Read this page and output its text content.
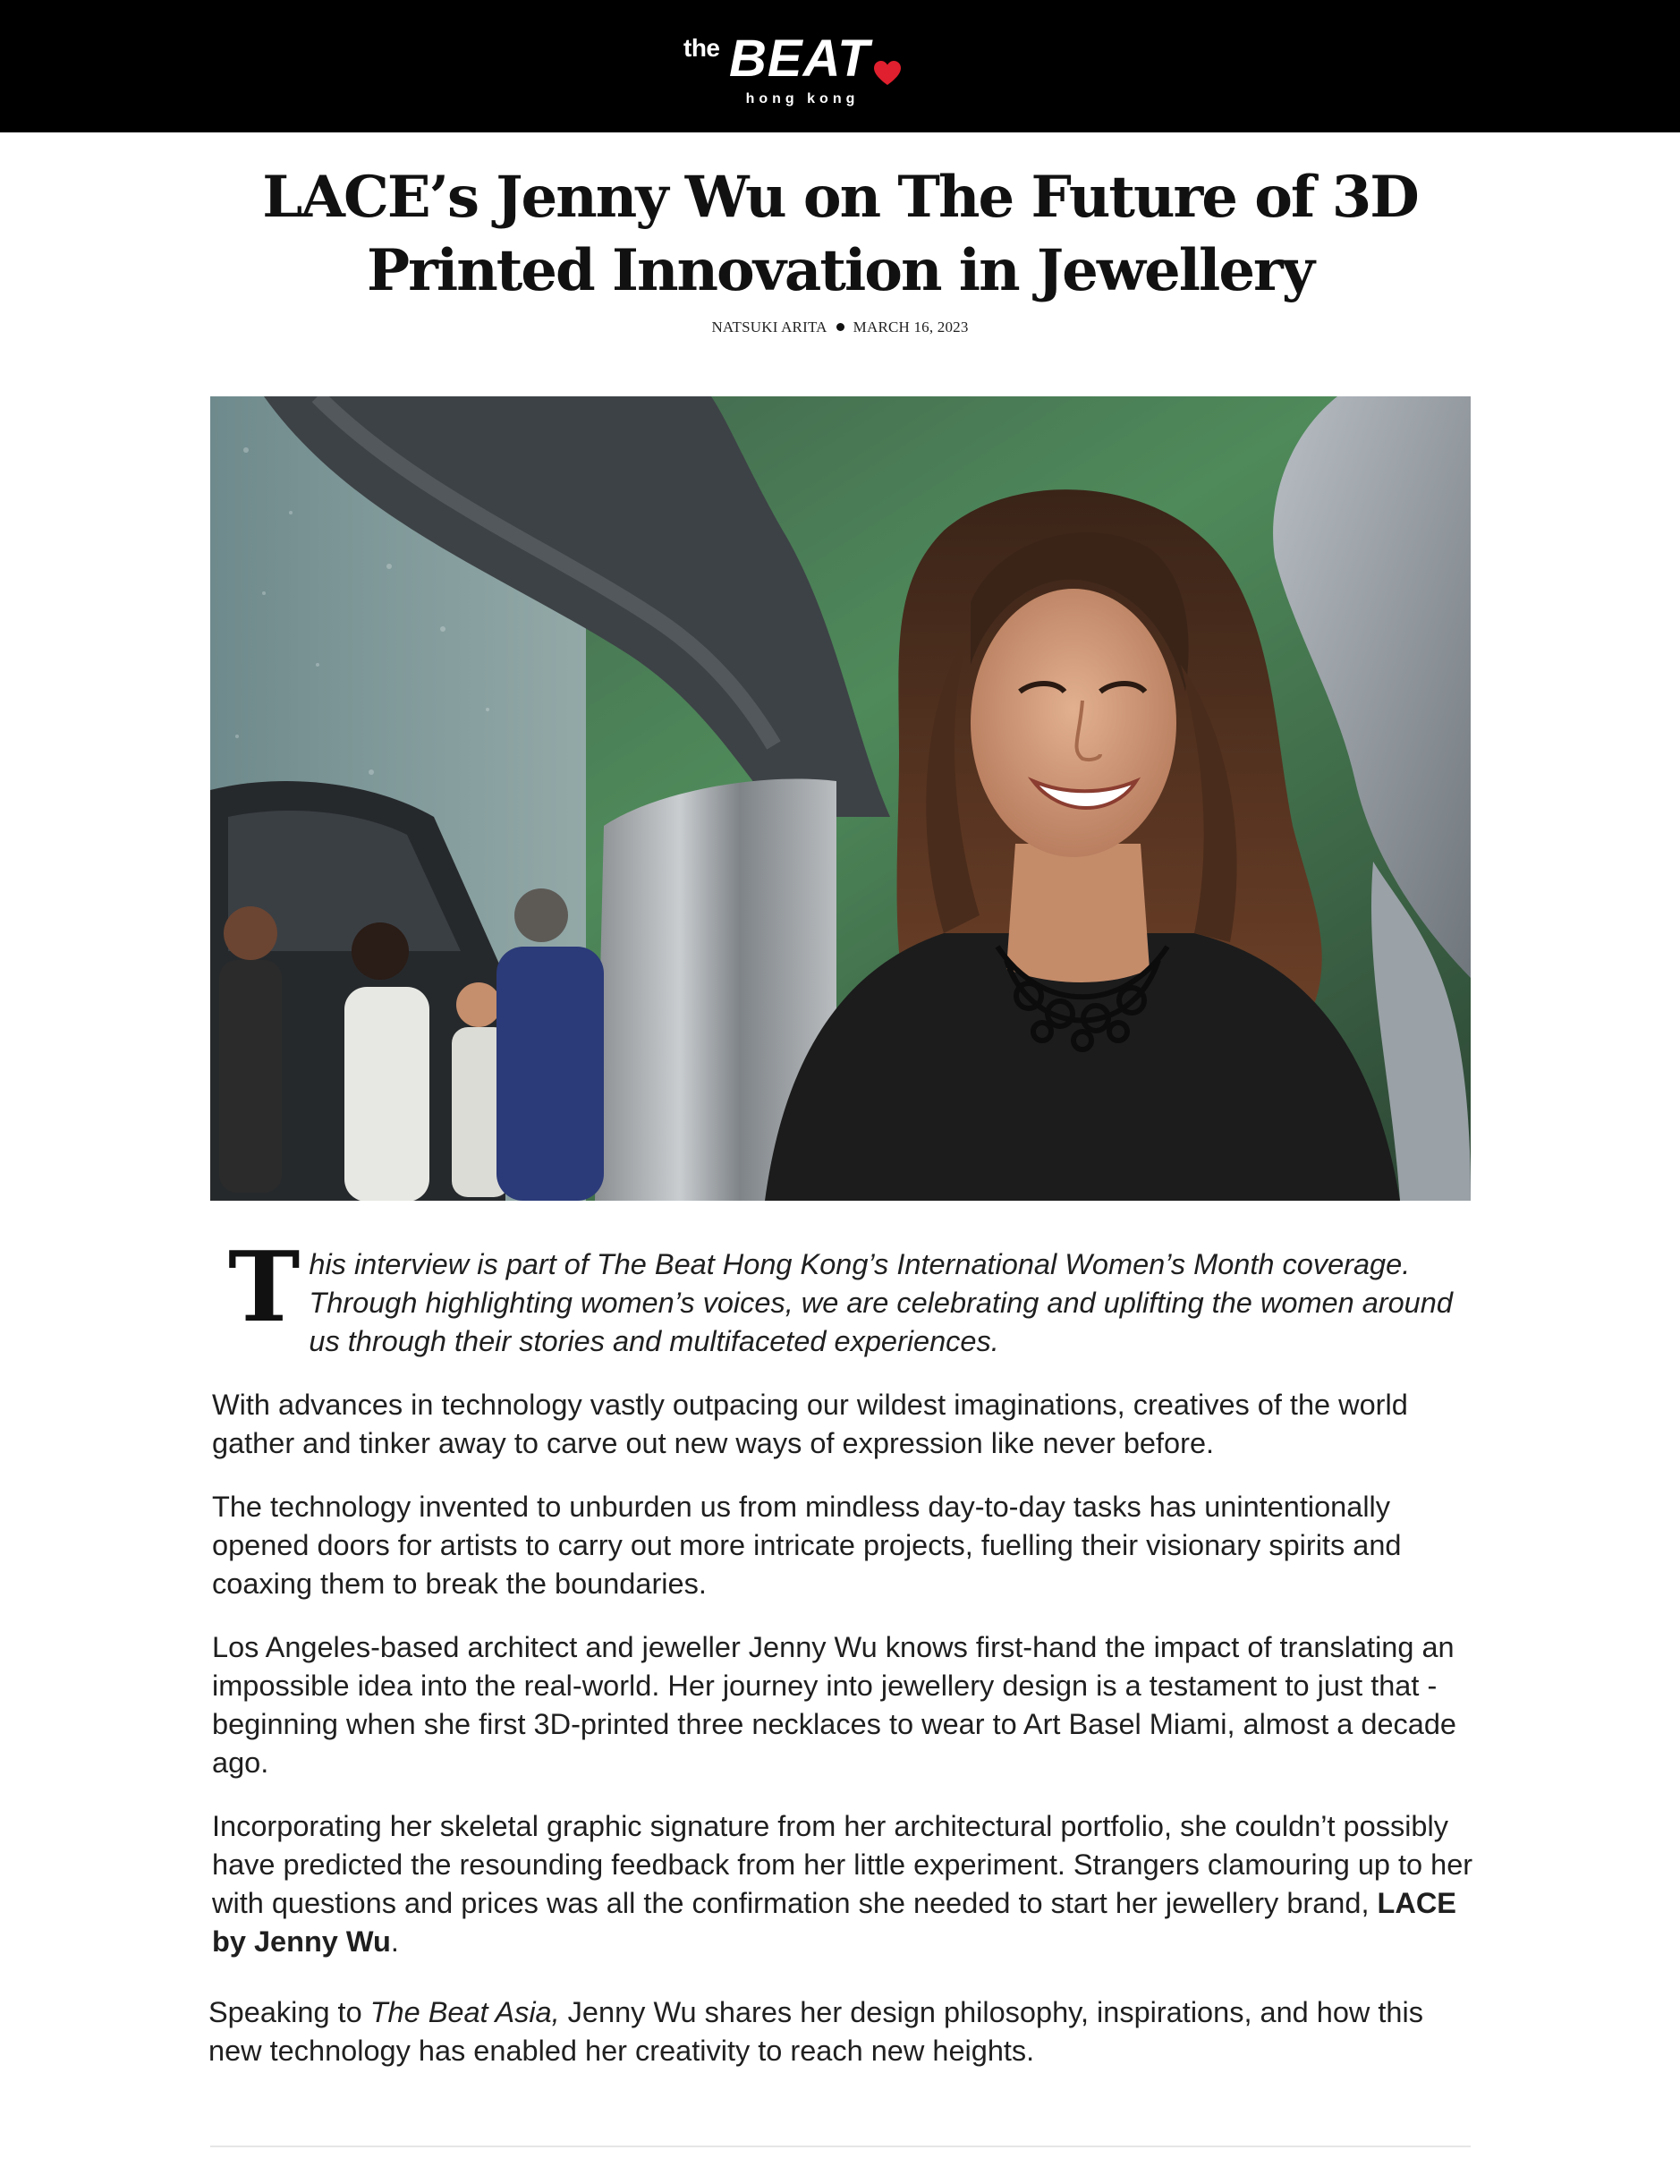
the BEAT
hong kong
LACE’s Jenny Wu on The Future of 3D Printed Innovation in Jewellery
NATSUKI ARITA MARCH 16, 2023

This interview is part of The Beat Hong Kong’s International Women’s Month coverage. Through highlighting women’s voices, we are celebrating and uplifting the women around us through their stories and multifaceted experiences.

With advances in technology vastly outpacing our wildest imaginations, creatives of the world gather and tinker away to carve out new ways of expression like never before.

The technology invented to unburden us from mindless day-to-day tasks has unintentionally opened doors for artists to carry out more intricate projects, fuelling their visionary spirits and coaxing them to break the boundaries.

Los Angeles-based architect and jeweller Jenny Wu knows first-hand the impact of translating an impossible idea into the real-world. Her journey into jewellery design is a testament to just that - beginning when she first 3D-printed three necklaces to wear to Art Basel Miami, almost a decade ago.

Incorporating her skeletal graphic signature from her architectural portfolio, she couldn’t possibly have predicted the resounding feedback from her little experiment. Strangers clamouring up to her with questions and prices was all the confirmation she needed to start her jewellery brand, LACE by Jenny Wu.

Speaking to The Beat Asia, Jenny Wu shares her design philosophy, inspirations, and how this new technology has enabled her creativity to reach new heights.
